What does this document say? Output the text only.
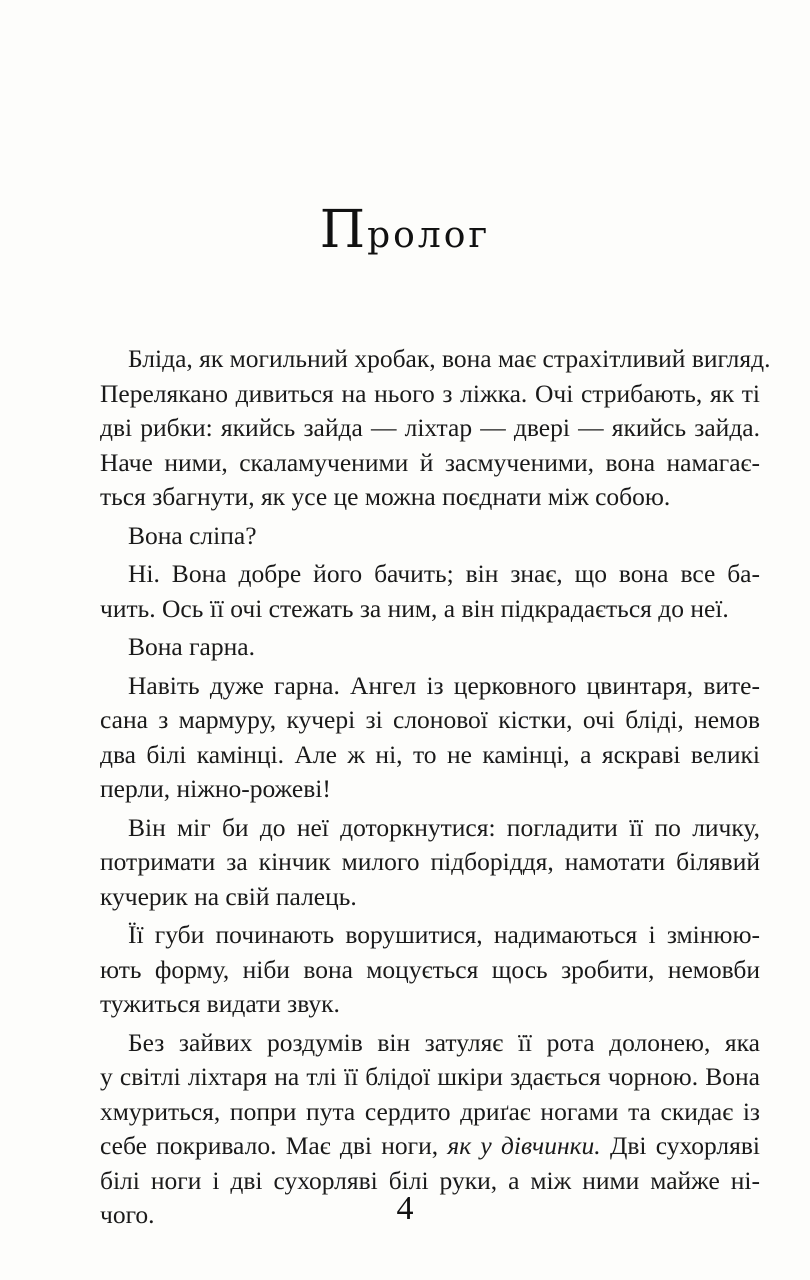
Пролог
Бліда, як могильний хробак, вона має страхітливий вигляд.
Перелякано дивиться на нього з ліжка. Очі стрибають, як ті
дві рибки: якийсь зайда — ліхтар — двері — якийсь зайда.
Наче ними, скаламученими й засмученими, вона намагає-
ться збагнути, як усе це можна поєднати між собою.
Вона сліпа?
Ні. Вона добре його бачить; він знає, що вона все ба-
чить. Ось її очі стежать за ним, а він підкрадається до неї.
Вона гарна.
Навіть дуже гарна. Ангел із церковного цвинтаря, вите-
сана з мармуру, кучері зі слонової кістки, очі бліді, немов
два білі камінці. Але ж ні, то не камінці, а яскраві великі
перли, ніжно-рожеві!
Він міг би до неї доторкнутися: погладити її по личку,
потримати за кінчик милого підборіддя, намотати білявий
кучерик на свій палець.
Її губи починають ворушитися, надимаються і змінюю-
ють форму, ніби вона моцується щось зробити, немовби
тужиться видати звук.
Без зайвих роздумів він затуляє її рота долонею, яка
у світлі ліхтаря на тлі її блідої шкіри здається чорною. Вона
хмуриться, попри пута сердито дриґає ногами та скидає із
себе покривало. Має дві ноги, як у дівчинки. Дві сухорляві
білі ноги і дві сухорляві білі руки, а між ними майже ні-
чого.	4
